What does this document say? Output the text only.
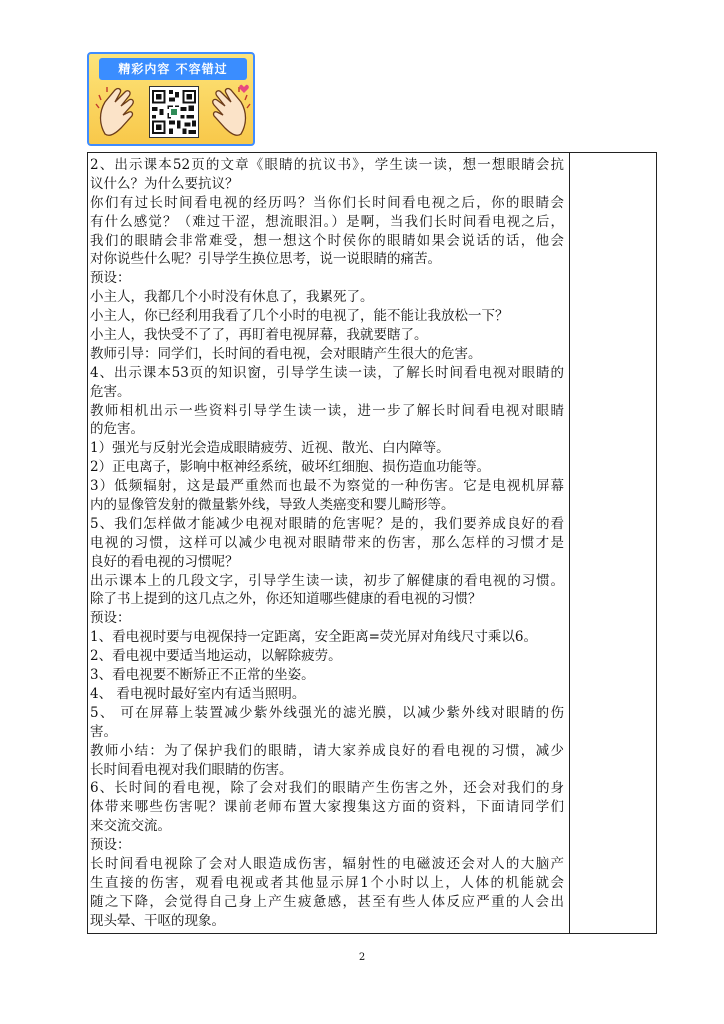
精彩内容 不容错过
2、出示课本52页的文章《眼睛的抗议书》，学生读一读，想一想眼睛会抗
议什么？为什么要抗议？
你们有过长时间看电视的经历吗？当你们长时间看电视之后，你的眼睛会
有什么感觉？（难过干涩，想流眼泪。）是啊，当我们长时间看电视之后，
我们的眼睛会非常难受，想一想这个时侯你的眼睛如果会说话的话，他会
对你说些什么呢？引导学生换位思考，说一说眼睛的痛苦。
预设：
小主人，我都几个小时没有休息了，我累死了。
小主人，你已经利用我看了几个小时的电视了，能不能让我放松一下？
小主人，我快受不了了，再盯着电视屏幕，我就要瞎了。
教师引导：同学们，长时间的看电视，会对眼睛产生很大的危害。
4、出示课本53页的知识窗，引导学生读一读，了解长时间看电视对眼睛的
危害。
教师相机出示一些资料引导学生读一读，进一步了解长时间看电视对眼睛
的危害。
1）强光与反射光会造成眼睛疲劳、近视、散光、白内障等。
2）正电离子，影响中枢神经系统，破坏红细胞、损伤造血功能等。
3）低频辐射，这是最严重然而也最不为察觉的一种伤害。它是电视机屏幕
内的显像管发射的微量紫外线，导致人类癌变和婴儿畸形等。
5、我们怎样做才能减少电视对眼睛的危害呢？是的，我们要养成良好的看
电视的习惯，这样可以减少电视对眼睛带来的伤害，那么怎样的习惯才是
良好的看电视的习惯呢？
出示课本上的几段文字，引导学生读一读，初步了解健康的看电视的习惯。
除了书上提到的这几点之外，你还知道哪些健康的看电视的习惯？
预设：
1、看电视时要与电视保持一定距离，安全距离=荧光屏对角线尺寸乘以6。
2、看电视中要适当地运动，以解除疲劳。
3、看电视要不断矫正不正常的坐姿。
4、 看电视时最好室内有适当照明。
5、 可在屏幕上装置减少紫外线强光的滤光膜，以减少紫外线对眼睛的伤
害。
教师小结：为了保护我们的眼睛，请大家养成良好的看电视的习惯，减少
长时间看电视对我们眼睛的伤害。
6、长时间的看电视，除了会对我们的眼睛产生伤害之外，还会对我们的身
体带来哪些伤害呢？课前老师布置大家搜集这方面的资料，下面请同学们
来交流交流。
预设：
长时间看电视除了会对人眼造成伤害，辐射性的电磁波还会对人的大脑产
生直接的伤害，观看电视或者其他显示屏1个小时以上，人体的机能就会
随之下降，会觉得自己身上产生疲惫感，甚至有些人体反应严重的人会出
现头晕、干呕的现象。
2
